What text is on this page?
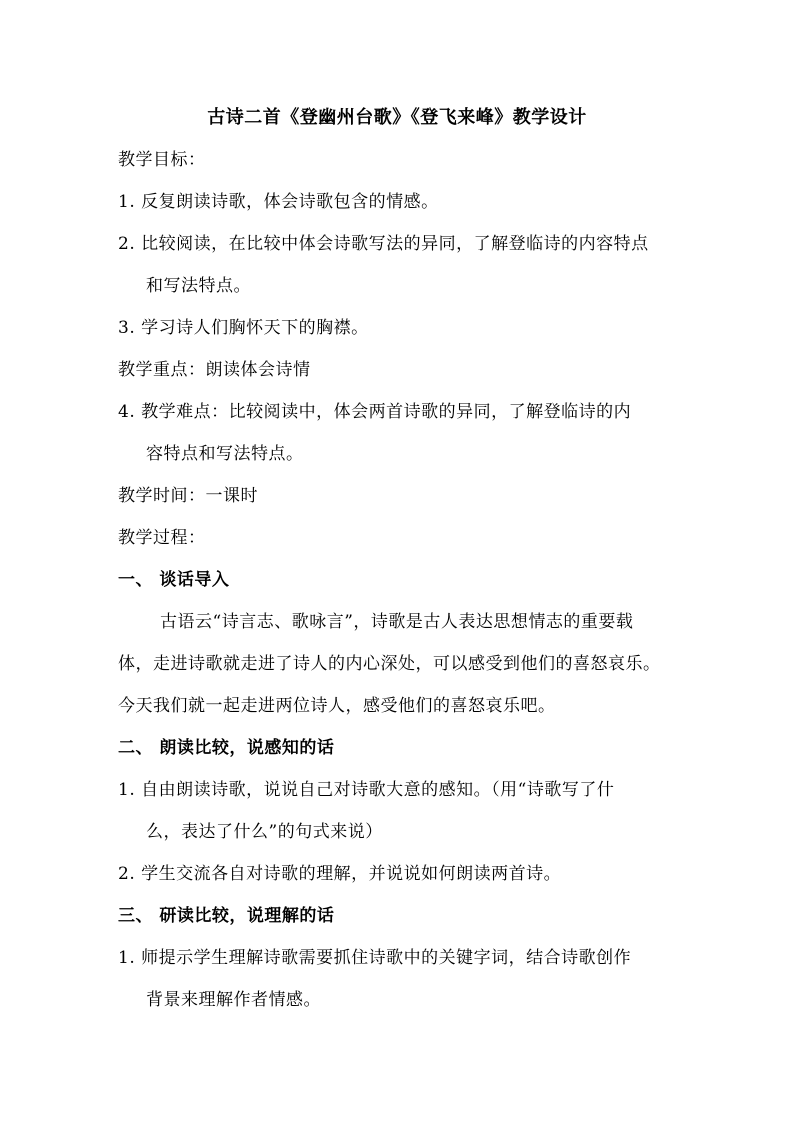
古诗二首《登幽州台歌》《登飞来峰》教学设计
教学目标：
1. 反复朗读诗歌，体会诗歌包含的情感。
2. 比较阅读，在比较中体会诗歌写法的异同，了解登临诗的内容特点
和写法特点。
3. 学习诗人们胸怀天下的胸襟。
教学重点：朗读体会诗情
4. 教学难点：比较阅读中，体会两首诗歌的异同，了解登临诗的内
容特点和写法特点。
教学时间：一课时
教学过程：
一、 谈话导入
古语云“诗言志、歌咏言”，诗歌是古人表达思想情志的重要载
体，走进诗歌就走进了诗人的内心深处，可以感受到他们的喜怒哀乐。
今天我们就一起走进两位诗人，感受他们的喜怒哀乐吧。
二、 朗读比较，说感知的话
1. 自由朗读诗歌，说说自己对诗歌大意的感知。（用“诗歌写了什
么，表达了什么”的句式来说）
2. 学生交流各自对诗歌的理解，并说说如何朗读两首诗。
三、 研读比较，说理解的话
1. 师提示学生理解诗歌需要抓住诗歌中的关键字词，结合诗歌创作
背景来理解作者情感。
